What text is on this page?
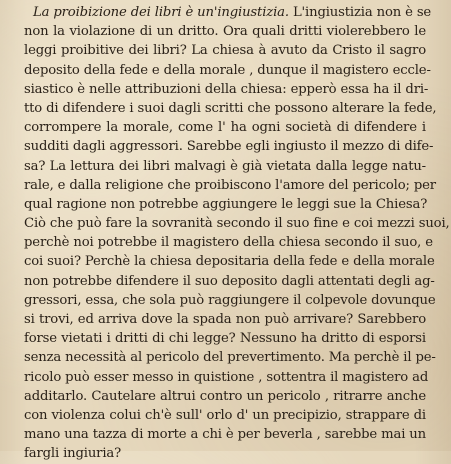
La proibizione dei libri è un'ingiustizia. L'ingiustizia non è se
non la violazione di un dritto. Ora quali dritti violerebbero le
leggi proibitive dei libri? La chiesa à avuto da Cristo il sagro
deposito della fede e della morale , dunque il magistero eccle-
siastico è nelle attribuzioni della chiesa: epperò essa ha il dri-
tto di difendere i suoi dagli scritti che possono alterare la fede,
corrompere la morale, come l' ha ogni società di difendere i
sudditi dagli aggressori. Sarebbe egli ingiusto il mezzo di dife-
sa? La lettura dei libri malvagi è già vietata dalla legge natu-
rale, e dalla religione che proibiscono l'amore del pericolo; per
qual ragione non potrebbe aggiungere le leggi sue la Chiesa?
Ciò che può fare la sovranità secondo il suo fine e coi mezzi suoi,
perchè noi potrebbe il magistero della chiesa secondo il suo, e
coi suoi? Perchè la chiesa depositaria della fede e della morale
non potrebbe difendere il suo deposito dagli attentati degli ag-
gressori, essa, che sola può raggiungere il colpevole dovunque
si trovi, ed arriva dove la spada non può arrivare? Sarebbero
forse vietati i dritti di chi legge? Nessuno ha dritto di esporsi
senza necessità al pericolo del prevertimento. Ma perchè il pe-
ricolo può esser messo in quistione , sottentra il magistero ad
additarlo. Cautelare altrui contro un pericolo , ritrarre anche
con violenza colui ch'è sull' orlo d' un precipizio, strappare di
mano una tazza di morte a chi è per beverla , sarebbe mai un
fargli ingiuria?
